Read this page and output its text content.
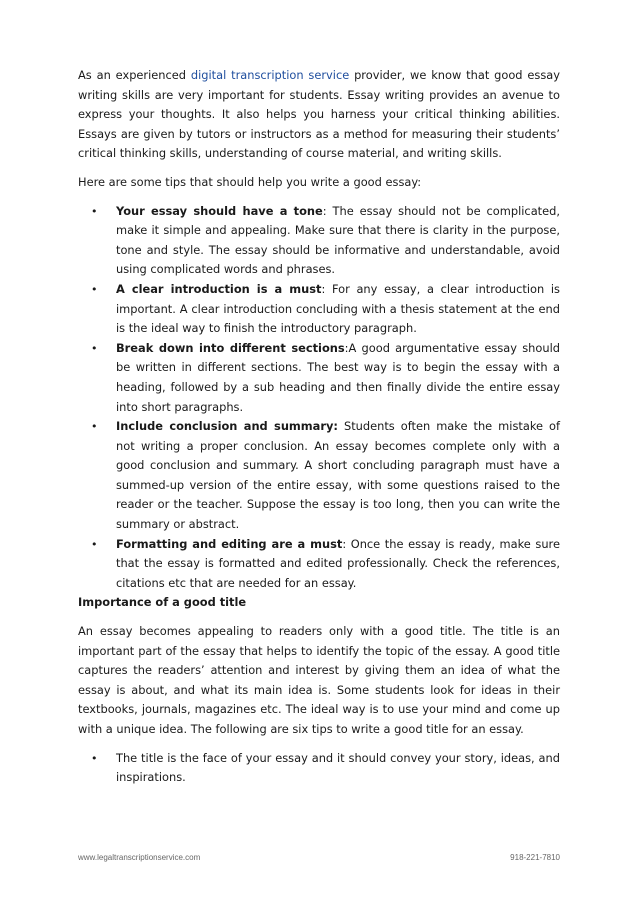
As an experienced digital transcription service provider, we know that good essay writing skills are very important for students. Essay writing provides an avenue to express your thoughts. It also helps you harness your critical thinking abilities. Essays are given by tutors or instructors as a method for measuring their students’ critical thinking skills, understanding of course material, and writing skills.

Here are some tips that should help you write a good essay:

• Your essay should have a tone: The essay should not be complicated, make it simple and appealing. Make sure that there is clarity in the purpose, tone and style. The essay should be informative and understandable, avoid using complicated words and phrases.
• A clear introduction is a must: For any essay, a clear introduction is important. A clear introduction concluding with a thesis statement at the end is the ideal way to finish the introductory paragraph.
• Break down into different sections:A good argumentative essay should be written in different sections. The best way is to begin the essay with a heading, followed by a sub heading and then finally divide the entire essay into short paragraphs.
• Include conclusion and summary: Students often make the mistake of not writing a proper conclusion. An essay becomes complete only with a good conclusion and summary. A short concluding paragraph must have a summed-up version of the entire essay, with some questions raised to the reader or the teacher. Suppose the essay is too long, then you can write the summary or abstract.
• Formatting and editing are a must: Once the essay is ready, make sure that the essay is formatted and edited professionally. Check the references, citations etc that are needed for an essay.

Importance of a good title

An essay becomes appealing to readers only with a good title. The title is an important part of the essay that helps to identify the topic of the essay. A good title captures the readers’ attention and interest by giving them an idea of what the essay is about, and what its main idea is. Some students look for ideas in their textbooks, journals, magazines etc. The ideal way is to use your mind and come up with a unique idea. The following are six tips to write a good title for an essay.

• The title is the face of your essay and it should convey your story, ideas, and inspirations.
www.legaltranscriptionservice.com	918-221-7810
